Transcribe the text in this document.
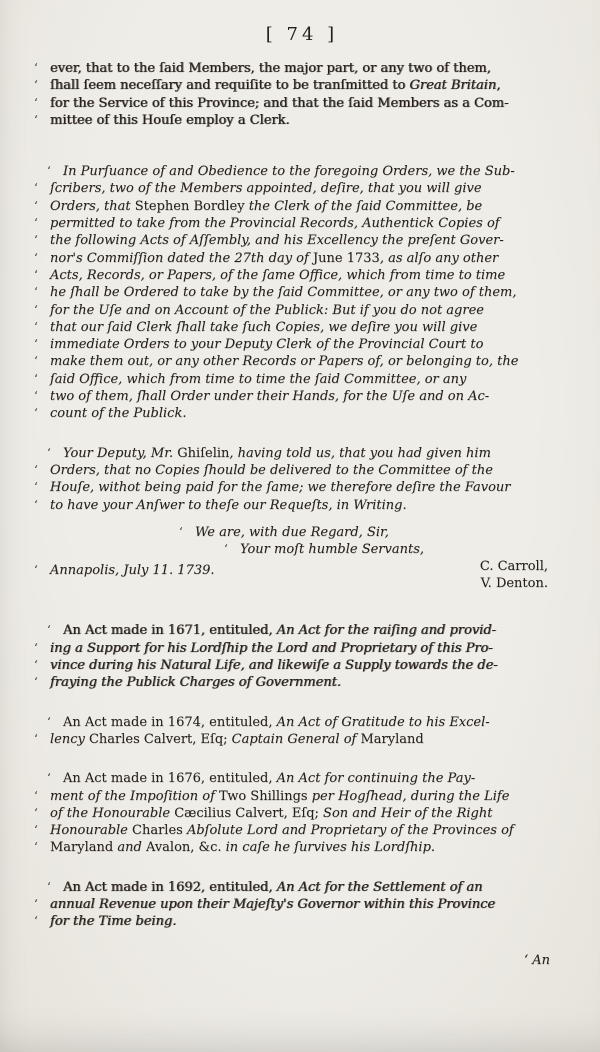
[ 74 ]
‘ ever, that to the ſaid Members, the major part, or any two of them,
‘ ſhall ſeem neceſſary and requiſite to be tranſmitted to Great Britain,
‘ for the Service of this Province; and that the ſaid Members as a Com-
‘ mittee of this Houſe employ a Clerk.
‘ In Purſuance of and Obedience to the foregoing Orders, we the Sub-
‘ ſcribers, two of the Members appointed, deſire, that you will give
‘ Orders, that Stephen Bordley the Clerk of the ſaid Committee, be
‘ permitted to take from the Provincial Records, Authentick Copies of
‘ the following Acts of Aſſembly, and his Excellency the preſent Gover-
‘ nor's Commiſſion dated the 27th day of June 1733, as alſo any other
‘ Acts, Records, or Papers, of the ſame Office, which from time to time
‘ he ſhall be Ordered to take by the ſaid Committee, or any two of them,
‘ for the Uſe and on Account of the Publick: But if you do not agree
‘ that our ſaid Clerk ſhall take ſuch Copies, we deſire you will give
‘ immediate Orders to your Deputy Clerk of the Provincial Court to
‘ make them out, or any other Records or Papers of, or belonging to, the
‘ ſaid Office, which from time to time the ſaid Committee, or any
‘ two of them, ſhall Order under their Hands, for the Uſe and on Ac-
‘ count of the Publick.
‘ Your Deputy, Mr. Ghiſelin, having told us, that you had given him
‘ Orders, that no Copies ſhould be delivered to the Committee of the
‘ Houſe, withot being paid for the ſame; we therefore deſire the Favour
‘ to have your Anſwer to theſe our Requeſts, in Writing.
‘ We are, with due Regard, Sir,
‘ Your moſt humble Servants,
‘ Annapolis, July 11. 1739.	C. Carroll,
V. Denton.
‘ An Act made in 1671, entituled, An Act for the raiſing and provid-
‘ ing a Support for his Lordſhip the Lord and Proprietary of this Pro-
‘ vince during his Natural Life, and likewiſe a Supply towards the de-
‘ fraying the Publick Charges of Government.
‘ An Act made in 1674, entituled, An Act of Gratitude to his Excel-
‘ lency Charles Calvert, Eſq; Captain General of Maryland
‘ An Act made in 1676, entituled, An Act for continuing the Pay-
‘ ment of the Impoſition of Two Shillings per Hogſhead, during the Life
‘ of the Honourable Cæcilius Calvert, Eſq; Son and Heir of the Right
‘ Honourable Charles Abſolute Lord and Proprietary of the Provinces of
‘ Maryland and Avalon, &c. in caſe he ſurvives his Lordſhip.
‘ An Act made in 1692, entituled, An Act for the Settlement of an
‘ annual Revenue upon their Majeſty's Governor within this Province
‘ for the Time being.
‘ An
